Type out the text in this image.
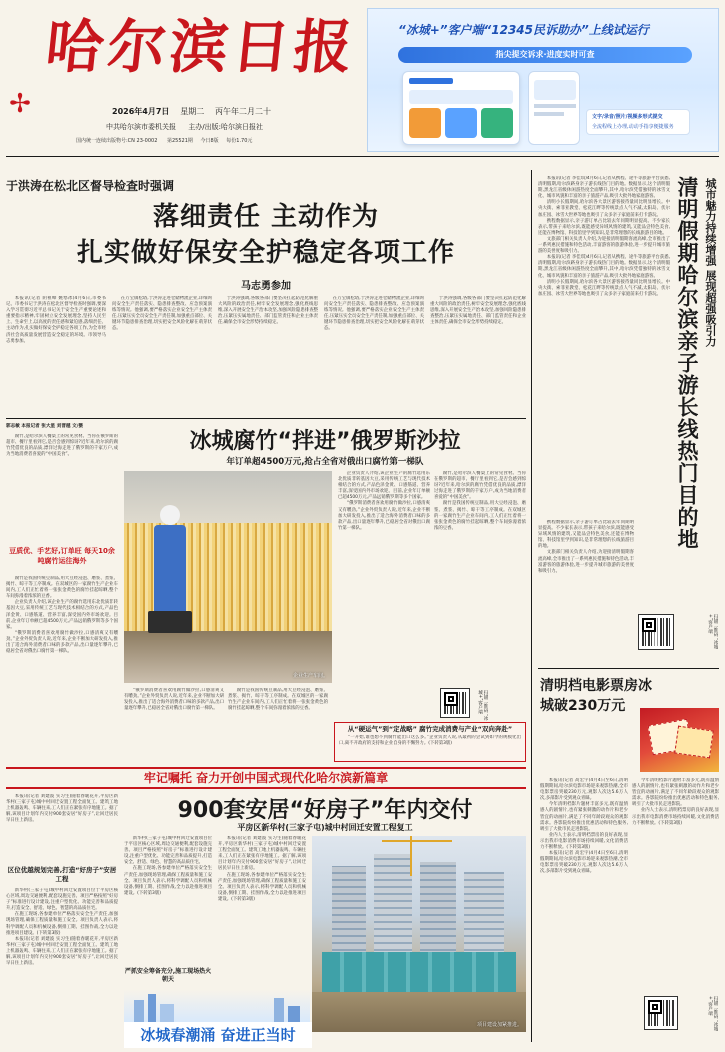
哈尔滨日报
✢	2026年4月7日 星期二 丙午年二月二十
中共哈尔滨市委机关报 主办/出版:哈尔滨日报社
国内统一连续出版物号:CN 23-0002 第25521期 今日8版 每份1.70元
“冰城+”客户端“12345民诉助办”上线试运行
指尖提交诉求·进度实时可查
文字/录音/照片/视频多形式提交
全流程线上办理,动动手指享便捷服务
于洪涛在松北区督导检查时强调
落细责任 主动作为
扎实做好保安全护稳定各项工作
马志勇参加

本报讯(记者 阴祖峰 姚寒冰)4月6日,市委书记、市委书记于洪涛在松北区督导检查时强调,要深入学习贯彻习近平总书记关于安全生产重要论述和重要指示精神,牢固树立安全发展理念,坚持人民至上、生命至上,以高度的责任感和紧迫感,落细责任、主动作为,扎实做好保安全护稳定各项工作,为全市经济社会高质量发展营造安全稳定的环境。市领导马志勇参加。

在万宝镇松塔,于洪涛走进仓储物流企业,详细询问安全生产责任落实、隐患排查整改、应急预案演练等情况。他强调,要严格落实企业安全生产主体责任,压紧压实全员安全生产责任制,加强重点部位、关键环节隐患排查治理,切实把安全风险化解在萌芽状态。

于洪涛强调,各级各部门要坚决扛起防范化解重大风险的政治责任,树牢安全发展理念,强化底线思维,深入开展安全生产治本攻坚,加强风险隐患排查整治,压紧压实属地责任、部门监管责任和企业主体责任,确保全市安全形势持续稳定。

在万宝镇松塔,于洪涛走进仓储物流企业,详细询问安全生产责任落实、隐患排查整改、应急预案演练等情况。他强调,要严格落实企业安全生产主体责任,压紧压实全员安全生产责任制,加强重点部位、关键环节隐患排查治理,切实把安全风险化解在萌芽状态。

于洪涛强调,各级各部门要坚决扛起防范化解重大风险的政治责任,树牢安全发展理念,强化底线思维,深入开展安全生产治本攻坚,加强风险隐患排查整治,压紧压实属地责任、部门监管责任和企业主体责任,确保全市安全形势持续稳定。

郭志敏 本报记者 张大星 刘晋越 文/摄

腐竹,是哈尔滨人餐桌上的常见食材。当你在俄罗斯的超市、餐厅里看到它,是否会感到惊讶?近年来,哈尔滨的腐竹凭借优良的品质,漂洋过海走进了俄罗斯的千家万户,成为当地消费者喜爱的“中国美食”。

豆质优、手艺好,订单旺 每天10余吨腐竹运往海外

腐竹是我国传统豆制品,用大豆经浸泡、磨浆、煮浆、揭竹、晾干等工序制成。在双城区的一家腐竹生产企业车间内,工人们正忙着将一张张金黄色的腐竹挂起晾晒,整个车间弥漫着浓浓的豆香。

企业负责人介绍,该企业生产的腐竹选用东北优质非转基因大豆,采用传统工艺与现代技术相结合的方式,产品色泽金黄、口感筋道、营养丰富,深受国内外市场欢迎。目前,企业年订单额已超4500万元,产品远销俄罗斯等多个国家。

“俄罗斯消费者喜欢用腐竹做沙拉,口感清爽又有嚼劲。”企业外贸负责人说,近年来,企业不断加大研发投入,推出了适合海外消费者口味的多款产品,出口量逐年攀升,已稳居全省对俄出口腐竹第一梯队。

冰城腐竹“拌进”俄罗斯沙拉
年订单超4500万元,抢占全省对俄出口腐竹第一梯队
企业生产车间。

企业负责人介绍,该企业生产的腐竹选用东北优质非转基因大豆,采用传统工艺与现代技术相结合的方式,产品色泽金黄、口感筋道、营养丰富,深受国内外市场欢迎。目前,企业年订单额已超4500万元,产品远销俄罗斯等多个国家。

“俄罗斯消费者喜欢用腐竹做沙拉,口感清爽又有嚼劲。”企业外贸负责人说,近年来,企业不断加大研发投入,推出了适合海外消费者口味的多款产品,出口量逐年攀升,已稳居全省对俄出口腐竹第一梯队。

腐竹,是哈尔滨人餐桌上的常见食材。当你在俄罗斯的超市、餐厅里看到它,是否会感到惊讶?近年来,哈尔滨的腐竹凭借优良的品质,漂洋过海走进了俄罗斯的千家万户,成为当地消费者喜爱的“中国美食”。

腐竹是我国传统豆制品,用大豆经浸泡、磨浆、煮浆、揭竹、晾干等工序制成。在双城区的一家腐竹生产企业车间内,工人们正忙着将一张张金黄色的腐竹挂起晾晒,整个车间弥漫着浓浓的豆香。

“俄罗斯消费者喜欢用腐竹做沙拉,口感清爽又有嚼劲。”企业外贸负责人说,近年来,企业不断加大研发投入,推出了适合海外消费者口味的多款产品,出口量逐年攀升,已稳居全省对俄出口腐竹第一梯队。

腐竹是我国传统豆制品,用大豆经浸泡、磨浆、煮浆、揭竹、晾干等工序制成。在双城区的一家腐竹生产企业车间内,工人们正忙着将一张张金黄色的腐竹挂起晾晒,整个车间弥漫着浓浓的豆香。	扫描二维码 “冰城+”客户端
从“硬运气”到“定战略” 腐竹完成消费与产业“双向奔赴”

“一开始,谁也想不到腐竹能出口这么多。”企业负责人说,从最初的尝试到如今的规模化出口,离不开政府的支持和企业自身的不懈努力。(下转第3版)

牢记嘱托 奋力开创中国式现代化哈尔滨新篇章

本报讯(记者 刘建波 实习生)随着春暖花开,平房区新华村(三家子屯)城中村回迁安置工程全面复工。建筑工地上机器轰鸣、车辆往来,工人们正在紧张有序地施工。据了解,该项目计划年内交付900套安居“好房子”,让回迁居民早日住上新房。

区位优越规划完善,打造“好房子”安居工程

新华村(三家子屯)城中村回迁安置项目位于平房区核心区域,周边交通便利,配套设施完善。项目严格按照“好房子”标准进行设计建设,注重户型优化、功能完善和品质提升,打造安全、舒适、绿色、智慧的高品质住宅。

在施工现场,各参建单位严格落实安全生产责任,加强现场管理,确保工程质量和施工安全。项目负责人表示,将科学调配人员和机械设备,倒排工期、挂图作战,全力以赴推进项目建设。(下转第3版)

本报讯(记者 刘建波 实习生)随着春暖花开,平房区新华村(三家子屯)城中村回迁安置工程全面复工。建筑工地上机器轰鸣、车辆往来,工人们正在紧张有序地施工。据了解,该项目计划年内交付900套安居“好房子”,让回迁居民早日住上新房。

900套安居“好房子”年内交付
平房区新华村(三家子屯)城中村回迁安置工程复工

新华村(三家子屯)城中村回迁安置项目位于平房区核心区域,周边交通便利,配套设施完善。项目严格按照“好房子”标准进行设计建设,注重户型优化、功能完善和品质提升,打造安全、舒适、绿色、智慧的高品质住宅。

在施工现场,各参建单位严格落实安全生产责任,加强现场管理,确保工程质量和施工安全。项目负责人表示,将科学调配人员和机械设备,倒排工期、挂图作战,全力以赴推进项目建设。(下转第3版)

严抓安全筹备充分,施工现场热火朝天

本报讯(记者 刘建波 实习生)随着春暖花开,平房区新华村(三家子屯)城中村回迁安置工程全面复工。建筑工地上机器轰鸣、车辆往来,工人们正在紧张有序地施工。据了解,该项目计划年内交付900套安居“好房子”,让回迁居民早日住上新房。

在施工现场,各参建单位严格落实安全生产责任,加强现场管理,确保工程质量和施工安全。项目负责人表示,将科学调配人员和机械设备,倒排工期、挂图作战,全力以赴推进项目建设。(下转第3版)

项目建设加紧推进。
冰城春潮涌 奋进正当时

本报讯(记者 李佳琪)4月6日,记者从携程、途牛等旅游平台获悉,清明假期,哈尔滨跻身亲子游长线热门目的地。数据显示,这个清明假期,黑龙江省级休闲游热度全面攀升,其中,哈尔滨凭借独特的冰雪文化、城市风貌和丰富的亲子旅游产品,吸引大批外地家庭游客。

清明小长假期间,哈尔滨各大景区游客接待量同比明显增长。中央大街、索菲亚教堂、松花江畔等传统景点人气不减,太阳岛、伏尔加庄园、冰雪大世界等地也吸引了众多亲子家庭前来打卡游玩。

携程数据显示,亲子游订单占比较去年同期明显提高。不少家长表示,带孩子来哈尔滨,既能感受异域风情的建筑,又能品尝特色美食,还能在博物馆、科技馆里学到知识,是非常理想的长线旅游目的地。

文旅部门相关负责人介绍,为迎接清明假期客流高峰,全市推出了一系列惠民措施和特色活动,丰富游客的旅游体验,进一步提升城市旅游的美誉度和吸引力。

本报讯(记者 李佳琪)4月6日,记者从携程、途牛等旅游平台获悉,清明假期,哈尔滨跻身亲子游长线热门目的地。数据显示,这个清明假期,黑龙江省级休闲游热度全面攀升,其中,哈尔滨凭借独特的冰雪文化、城市风貌和丰富的亲子旅游产品,吸引大批外地家庭游客。

清明小长假期间,哈尔滨各大景区游客接待量同比明显增长。中央大街、索菲亚教堂、松花江畔等传统景点人气不减,太阳岛、伏尔加庄园、冰雪大世界等地也吸引了众多亲子家庭前来打卡游玩。 清明假期哈尔滨亲子游长线热门目的地 城市魅力持续增强 展现超强吸引力
扫描二维码 “冰城+”客户端

携程数据显示,亲子游订单占比较去年同期明显提高。不少家长表示,带孩子来哈尔滨,既能感受异域风情的建筑,又能品尝特色美食,还能在博物馆、科技馆里学到知识,是非常理想的长线旅游目的地。

文旅部门相关负责人介绍,为迎接清明假期客流高峰,全市推出了一系列惠民措施和特色活动,丰富游客的旅游体验,进一步提升城市旅游的美誉度和吸引力。

清明档电影票房冰城破230万元

本报讯(记者 高宏宇)4月4日至6日,清明假期期间,哈尔滨电影市场迎来观影热潮,全市电影票房突破230万元,观影人次达5.6万人次,多部影片受到观众青睐。

今年清明档影片题材丰富多元,既有温情感人的剧情片,也有紧张刺激的动作片和老少皆宜的动画片,满足了不同年龄段观众的观影需求。各影院纷纷推出优惠活动和特色服务,吸引了大批市民走进影院。

业内人士表示,清明档票房的良好表现,显示出我市电影消费市场持续回暖,文化消费活力不断释放。(下转第3版)

本报讯(记者 高宏宇)4月4日至6日,清明假期期间,哈尔滨电影市场迎来观影热潮,全市电影票房突破230万元,观影人次达5.6万人次,多部影片受到观众青睐。

今年清明档影片题材丰富多元,既有温情感人的剧情片,也有紧张刺激的动作片和老少皆宜的动画片,满足了不同年龄段观众的观影需求。各影院纷纷推出优惠活动和特色服务,吸引了大批市民走进影院。

业内人士表示,清明档票房的良好表现,显示出我市电影消费市场持续回暖,文化消费活力不断释放。(下转第3版)

扫描二维码 “冰城+”客户端
